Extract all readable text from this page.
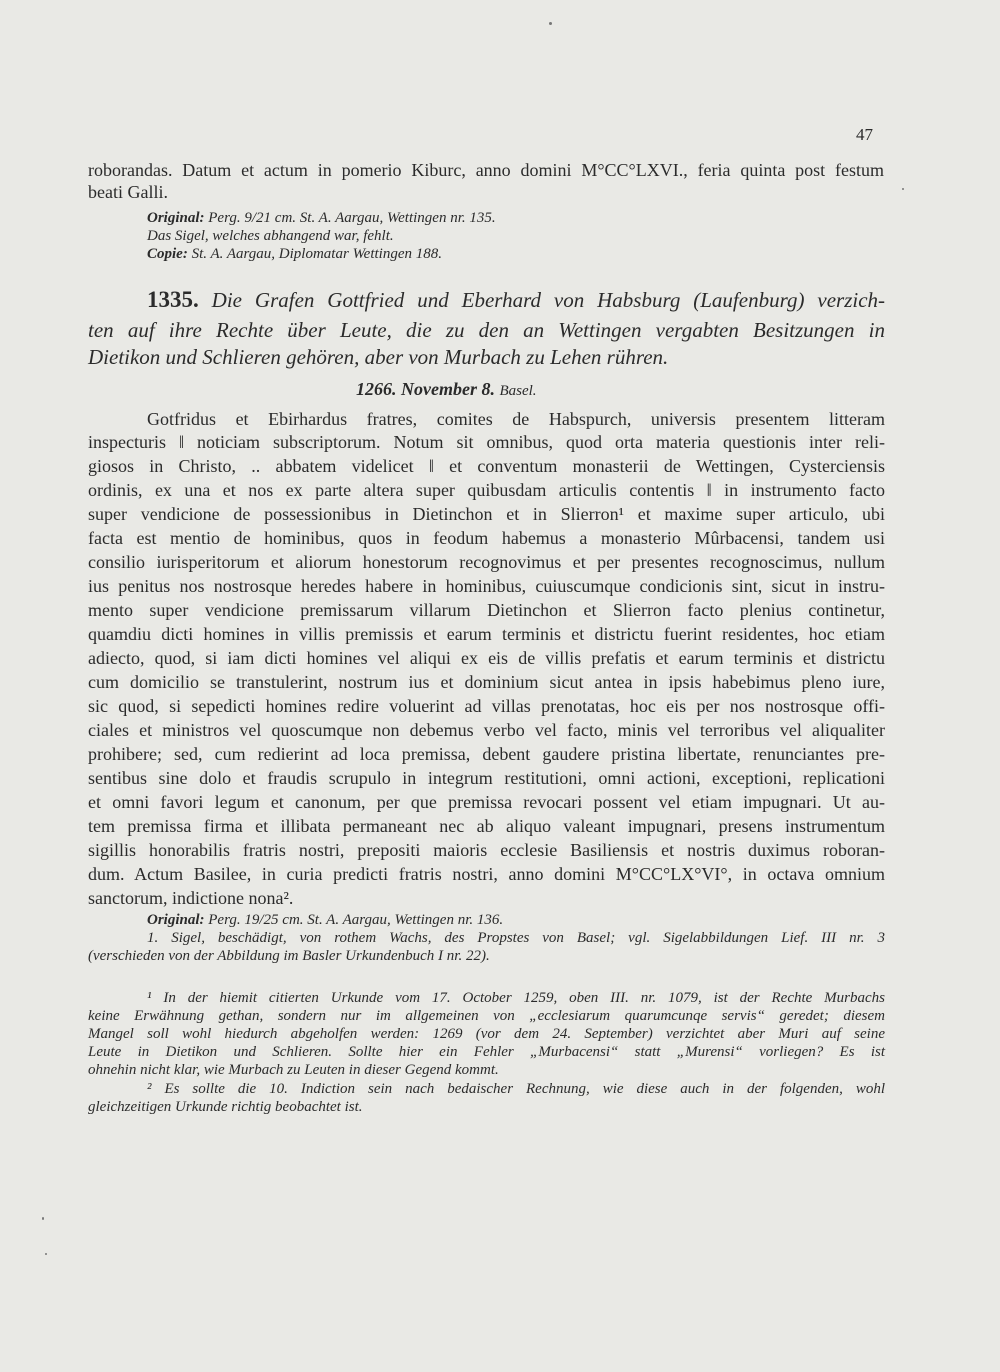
47
roborandas. Datum et actum in pomerio Kiburc, anno domini M°CC°LXVI., feria quinta post festum
beati Galli.
Original: Perg. 9/21 cm. St. A. Aargau, Wettingen nr. 135.
Das Sigel, welches abhangend war, fehlt.
Copie: St. A. Aargau, Diplomatar Wettingen 188.
1335. Die Grafen Gottfried und Eberhard von Habsburg (Laufenburg) verzich-
ten auf ihre Rechte über Leute, die zu den an Wettingen vergabten Besitzungen in
Dietikon und Schlieren gehören, aber von Murbach zu Lehen rühren.
1266. November 8. Basel.
Gotfridus et Ebirhardus fratres, comites de Habspurch, universis presentem litteram
inspecturis ‖ noticiam subscriptorum. Notum sit omnibus, quod orta materia questionis inter reli-
giosos in Christo, .. abbatem videlicet ‖ et conventum monasterii de Wettingen, Cysterciensis
ordinis, ex una et nos ex parte altera super quibusdam articulis contentis ‖ in instrumento facto
super vendicione de possessionibus in Dietinchon et in Slierron¹ et maxime super articulo, ubi
facta est mentio de hominibus, quos in feodum habemus a monasterio Mûrbacensi, tandem usi
consilio iurisperitorum et aliorum honestorum recognovimus et per presentes recognoscimus, nullum
ius penitus nos nostrosque heredes habere in hominibus, cuiuscumque condicionis sint, sicut in instru-
mento super vendicione premissarum villarum Dietinchon et Slierron facto plenius continetur,
quamdiu dicti homines in villis premissis et earum terminis et districtu fuerint residentes, hoc etiam
adiecto, quod, si iam dicti homines vel aliqui ex eis de villis prefatis et earum terminis et districtu
cum domicilio se transtulerint, nostrum ius et dominium sicut antea in ipsis habebimus pleno iure,
sic quod, si sepedicti homines redire voluerint ad villas prenotatas, hoc eis per nos nostrosque offi-
ciales et ministros vel quoscumque non debemus verbo vel facto, minis vel terroribus vel aliqualiter
prohibere; sed, cum redierint ad loca premissa, debent gaudere pristina libertate, renunciantes pre-
sentibus sine dolo et fraudis scrupulo in integrum restitutioni, omni actioni, exceptioni, replicationi
et omni favori legum et canonum, per que premissa revocari possent vel etiam impugnari. Ut au-
tem premissa firma et illibata permaneant nec ab aliquo valeant impugnari, presens instrumentum
sigillis honorabilis fratris nostri, prepositi maioris ecclesie Basiliensis et nostris duximus roboran-
dum. Actum Basilee, in curia predicti fratris nostri, anno domini M°CC°LX°VI°, in octava omnium
sanctorum, indictione nona².
Original: Perg. 19/25 cm. St. A. Aargau, Wettingen nr. 136.
1. Sigel, beschädigt, von rothem Wachs, des Propstes von Basel; vgl. Sigelabbildungen Lief. III nr. 3
(verschieden von der Abbildung im Basler Urkundenbuch I nr. 22).
¹ In der hiemit citierten Urkunde vom 17. October 1259, oben III. nr. 1079, ist der Rechte Murbachs
keine Erwähnung gethan, sondern nur im allgemeinen von „ecclesiarum quarumcunqe servis“ geredet; diesem
Mangel soll wohl hiedurch abgeholfen werden: 1269 (vor dem 24. September) verzichtet aber Muri auf seine
Leute in Dietikon und Schlieren. Sollte hier ein Fehler „Murbacensi“ statt „Murensi“ vorliegen? Es ist
ohnehin nicht klar, wie Murbach zu Leuten in dieser Gegend kommt.
² Es sollte die 10. Indiction sein nach bedaischer Rechnung, wie diese auch in der folgenden, wohl
gleichzeitigen Urkunde richtig beobachtet ist.
